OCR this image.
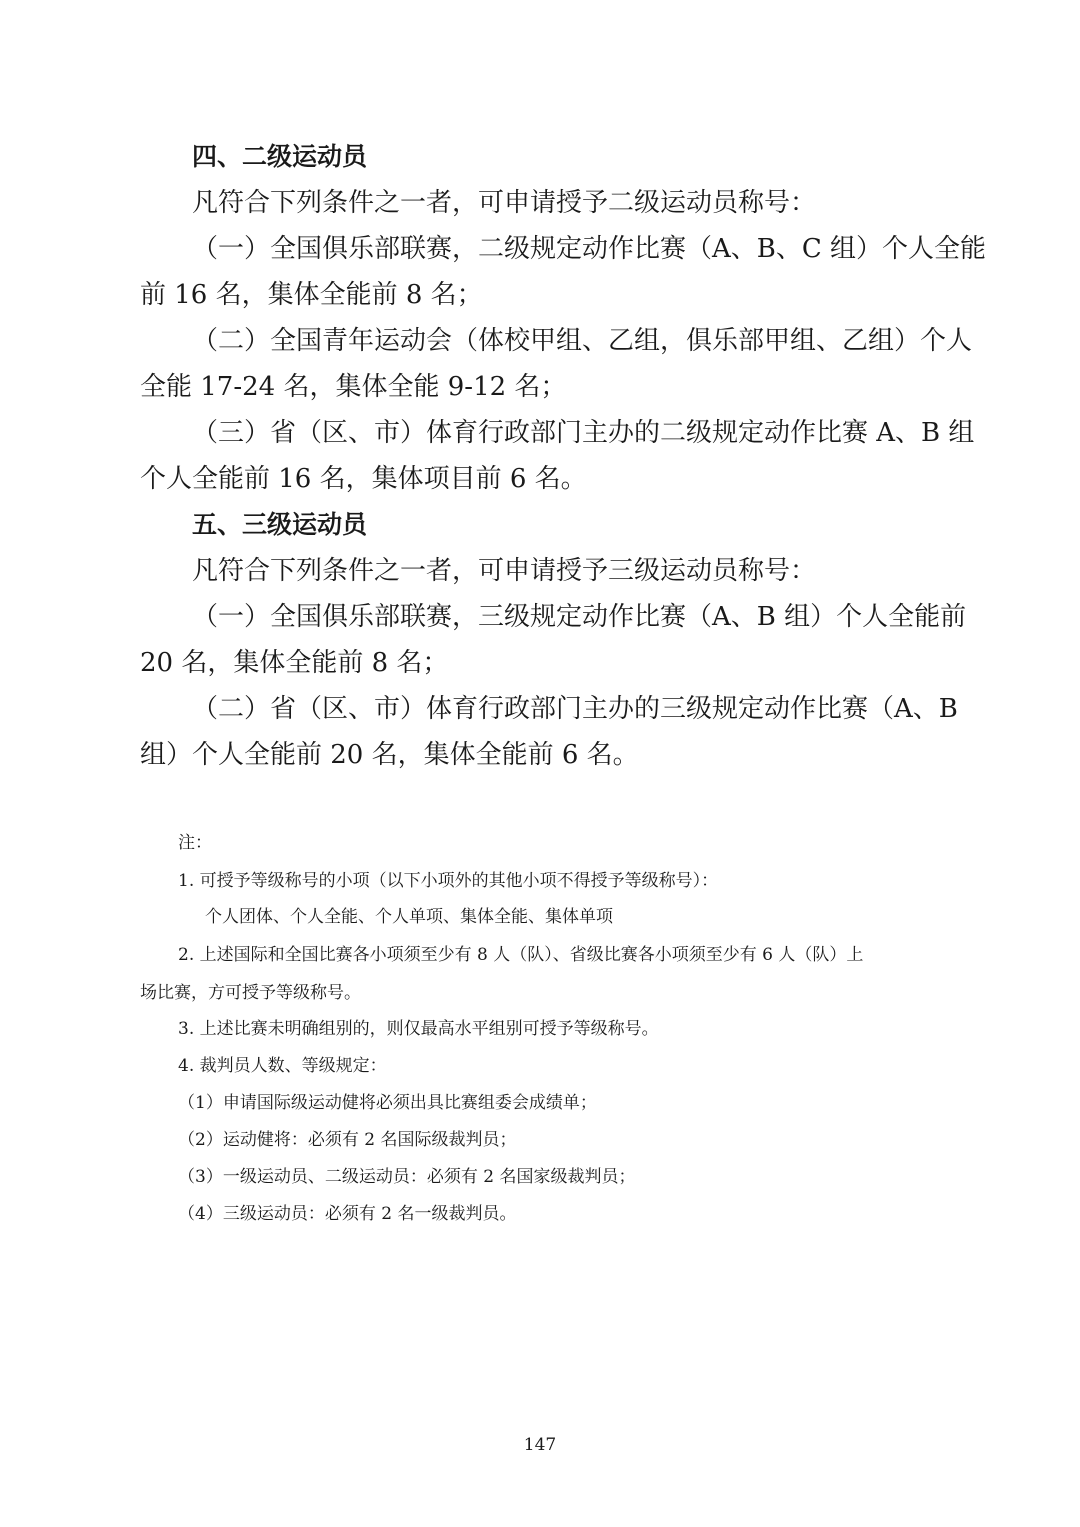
四、二级运动员
凡符合下列条件之一者，可申请授予二级运动员称号：
（一）全国俱乐部联赛，二级规定动作比赛（A、B、C 组）个人全能
前 16 名，集体全能前 8 名；
（二）全国青年运动会（体校甲组、乙组，俱乐部甲组、乙组）个人
全能 17-24 名，集体全能 9-12 名；
（三）省（区、市）体育行政部门主办的二级规定动作比赛 A、B 组
个人全能前 16 名，集体项目前 6 名。
五、三级运动员
凡符合下列条件之一者，可申请授予三级运动员称号：
（一）全国俱乐部联赛，三级规定动作比赛（A、B 组）个人全能前
20 名，集体全能前 8 名；
（二）省（区、市）体育行政部门主办的三级规定动作比赛（A、B
组）个人全能前 20 名，集体全能前 6 名。
注：
1. 可授予等级称号的小项（以下小项外的其他小项不得授予等级称号）：
个人团体、个人全能、个人单项、集体全能、集体单项
2. 上述国际和全国比赛各小项须至少有 8 人（队）、省级比赛各小项须至少有 6 人（队）上
场比赛，方可授予等级称号。
3. 上述比赛未明确组别的，则仅最高水平组别可授予等级称号。
4. 裁判员人数、等级规定：
（1）申请国际级运动健将必须出具比赛组委会成绩单；
（2）运动健将：必须有 2 名国际级裁判员；
（3）一级运动员、二级运动员：必须有 2 名国家级裁判员；
（4）三级运动员：必须有 2 名一级裁判员。
147
